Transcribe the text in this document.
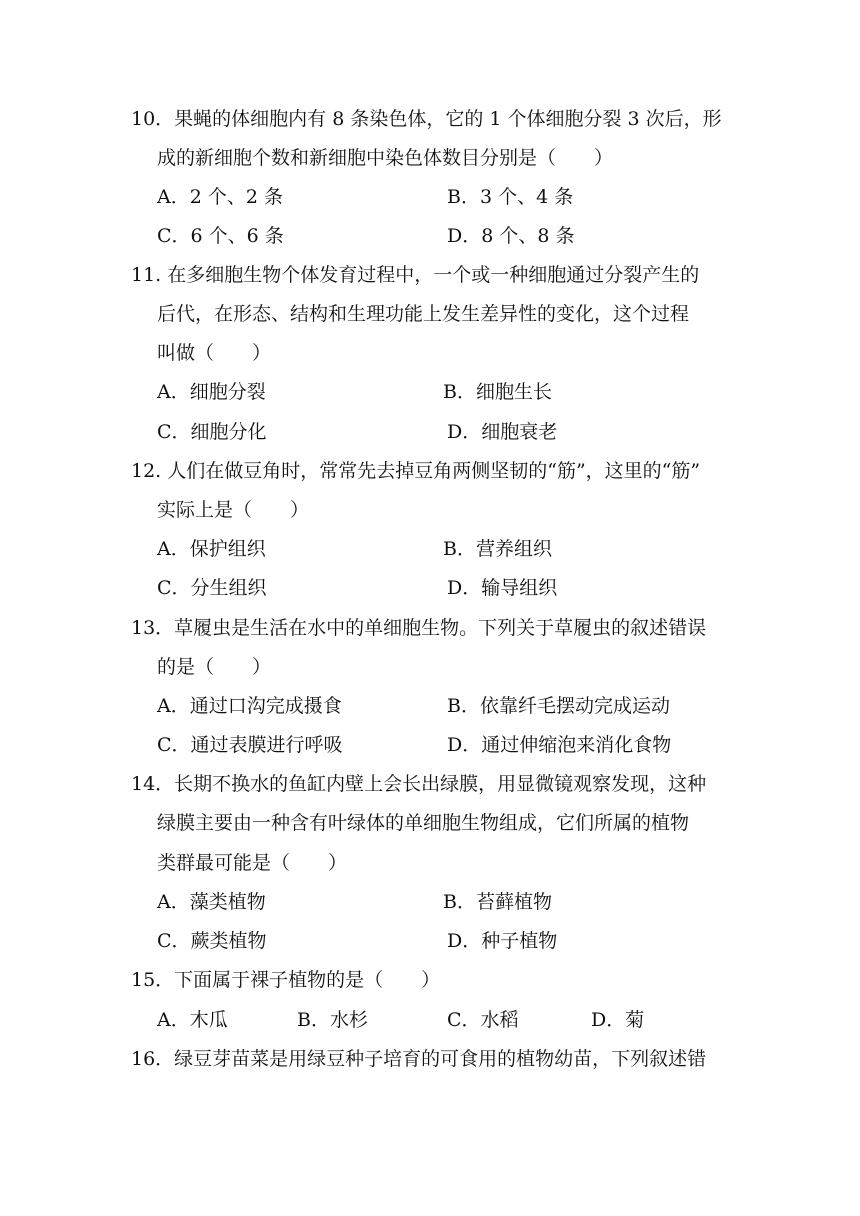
10．果蝇的体细胞内有 8 条染色体，它的 1 个体细胞分裂 3 次后，形
成的新细胞个数和新细胞中染色体数目分别是（　　）
A．2 个、2 条	B．3 个、4 条
C．6 个、6 条	D．8 个、8 条
11. 在多细胞生物个体发育过程中，一个或一种细胞通过分裂产生的
后代，在形态、结构和生理功能上发生差异性的变化，这个过程
叫做（　　）
A．细胞分裂	B．细胞生长
C．细胞分化	D．细胞衰老
12. 人们在做豆角时，常常先去掉豆角两侧坚韧的“筋”，这里的“筋”
实际上是（　　）
A．保护组织	B．营养组织
C．分生组织	D．输导组织
13．草履虫是生活在水中的单细胞生物。下列关于草履虫的叙述错误
的是（　　）
A．通过口沟完成摄食	B．依靠纤毛摆动完成运动
C．通过表膜进行呼吸	D．通过伸缩泡来消化食物
14．长期不换水的鱼缸内壁上会长出绿膜，用显微镜观察发现，这种
绿膜主要由一种含有叶绿体的单细胞生物组成，它们所属的植物
类群最可能是（　　）
A．藻类植物	B．苔藓植物
C．蕨类植物	D．种子植物
15．下面属于裸子植物的是（　　）
A．木瓜	B．水杉	C．水稻	D．菊
16．绿豆芽苗菜是用绿豆种子培育的可食用的植物幼苗，下列叙述错
